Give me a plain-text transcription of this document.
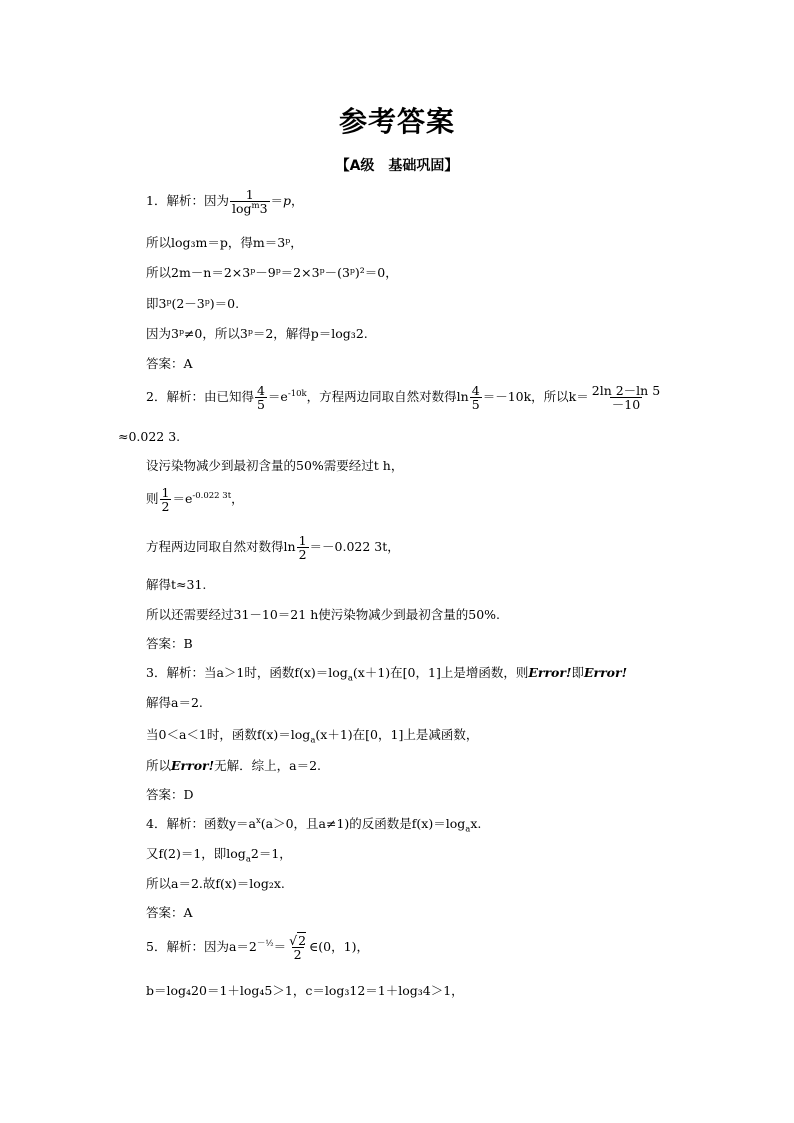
参考答案
【A级　基础巩固】
1．解析：因为 $\frac{1}{\log^m3} =p$，
所以log₃m＝p，得m＝3ᵖ，
所以2m－n＝2×3ᵖ－9ᵖ＝2×3ᵖ－(3ᵖ)²＝0，
即3ᵖ(2－3ᵖ)＝0.
因为3ᵖ≠0，所以3ᵖ＝2，解得p＝log₃2.
答案：A
2．解析：由已知得 $\frac{4}{5} =e^{-10k}$，方程两边同取自然对数得$\ln \frac{4}{5} =-10k$，所以$k= \frac{2\ln 2-\ln 5}{-10}$
≈0.022 3.
设污染物减少到最初含量的50%需要经过t h，
则 $\frac{1}{2} =e^{-0.022 3t}$，
方程两边同取自然对数得$\ln \frac{1}{2} =-0.022$ 3t，
解得t≈31.
所以还需要经过31－10＝21 h使污染物减少到最初含量的50%.
答案：B
3．解析：当a＞1时，函数$f(x)=\log_a(x+1)$在[0，1]上是增函数，则Error!即Error!
解得a＝2.
当0＜a＜1时，函数$f(x)=\log_a(x+1)$在[0，1]上是减函数，
所以Error!无解．综上，a＝2.
答案：D
4．解析：函数$y=a^x(a>0$，且a≠1)的反函数是$f(x)=\log_ax$.
又f(2)＝1，即$\log_a2=1$，
所以a＝2.故f(x)＝log₂x.
答案：A
5．解析：因为$a=2^{-\frac{1}{2}}= \frac{√2}{2}$ ∈(0，1)，
b＝log₄20＝1＋log₄5＞1，c＝log₃12＝1＋log₃4＞1，
